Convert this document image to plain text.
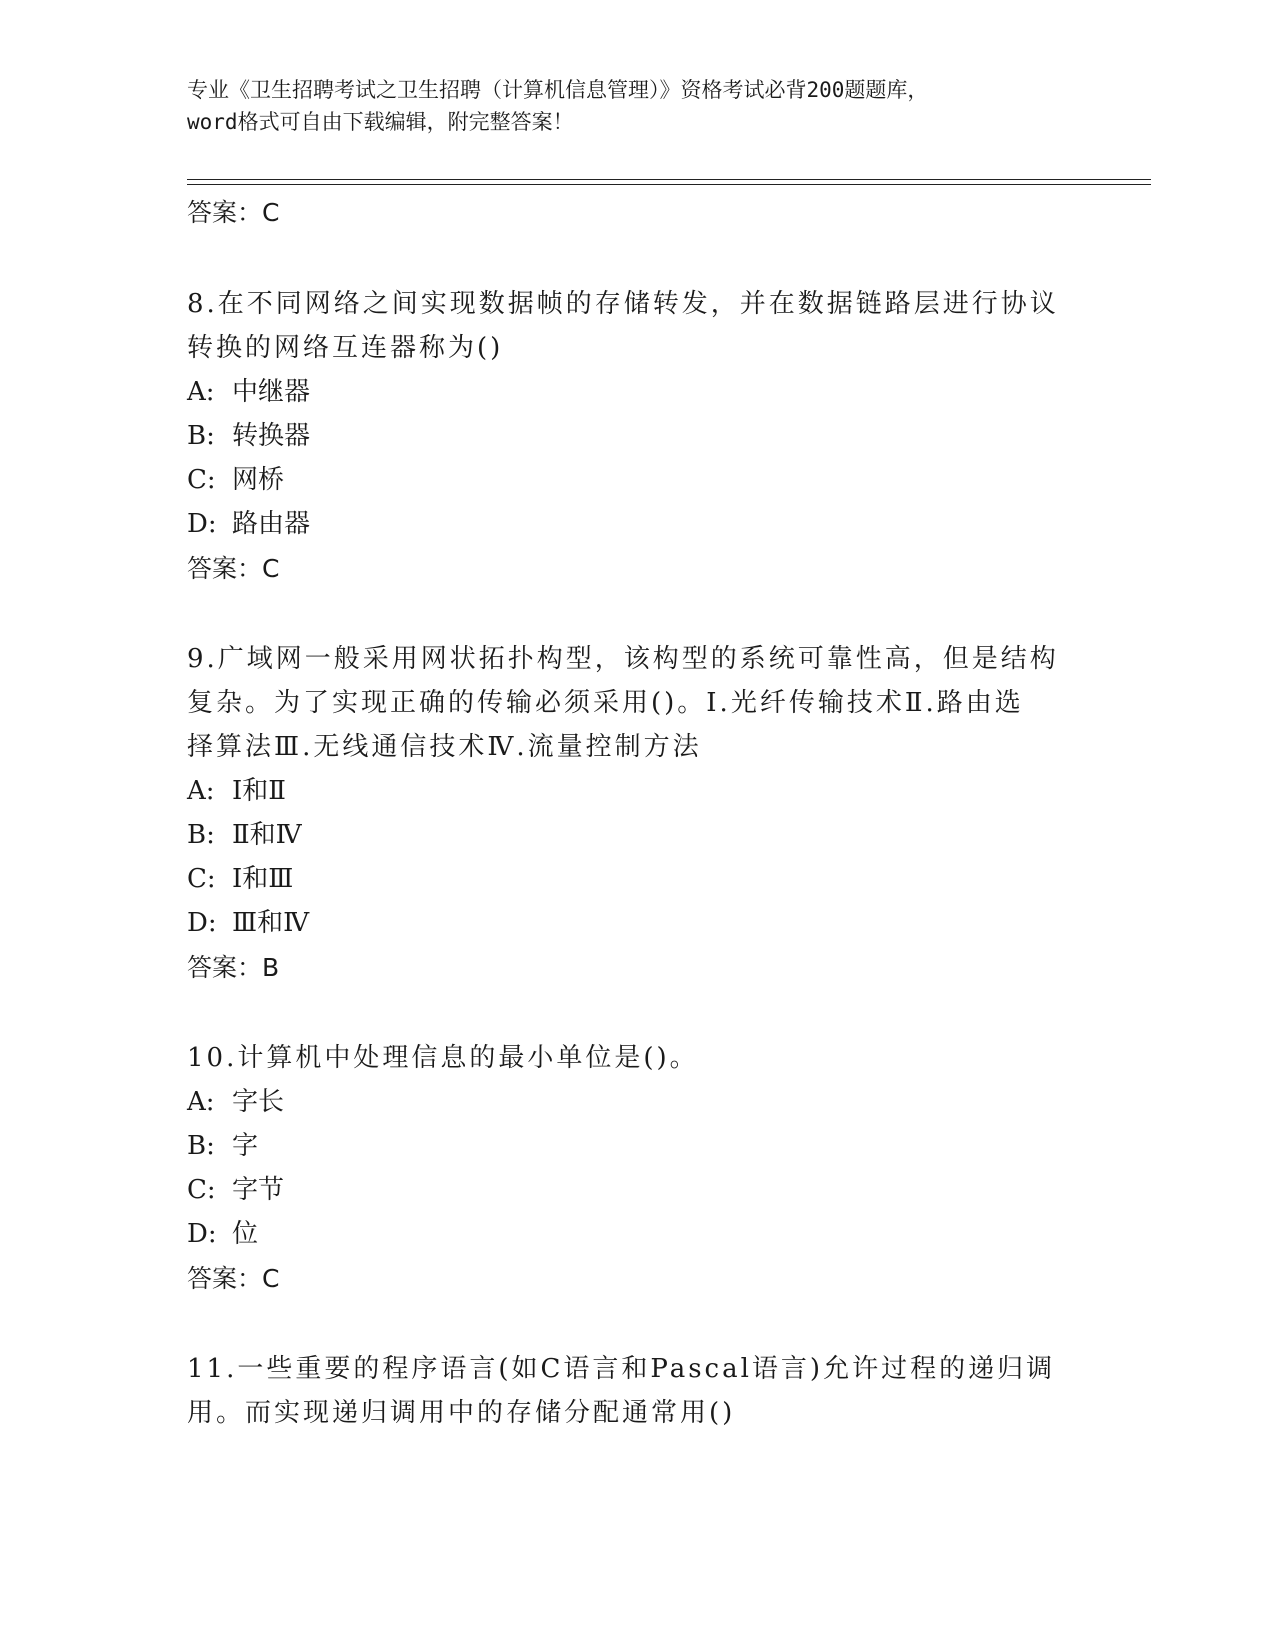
专业《卫生招聘考试之卫生招聘（计算机信息管理）》资格考试必背200题题库，
word格式可自由下载编辑，附完整答案！
答案：C
8.在不同网络之间实现数据帧的存储转发，并在数据链路层进行协议
转换的网络互连器称为()
A: 中继器
B: 转换器
C: 网桥
D: 路由器
答案：C
9.广域网一般采用网状拓扑构型，该构型的系统可靠性高，但是结构
复杂。为了实现正确的传输必须采用()。Ⅰ.光纤传输技术Ⅱ.路由选
择算法Ⅲ.无线通信技术Ⅳ.流量控制方法
A: Ⅰ和Ⅱ
B: Ⅱ和Ⅳ
C: Ⅰ和Ⅲ
D: Ⅲ和Ⅳ
答案：B
10.计算机中处理信息的最小单位是()。
A: 字长
B: 字
C: 字节
D: 位
答案：C
11.一些重要的程序语言(如C语言和Pascal语言)允许过程的递归调
用。而实现递归调用中的存储分配通常用()
